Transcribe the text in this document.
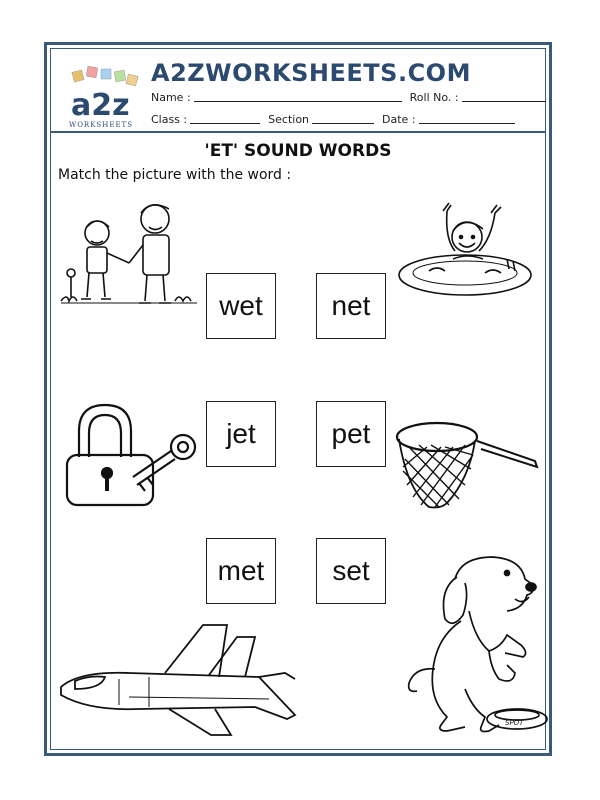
a2z
WORKSHEETS
A2ZWORKSHEETS.COM
Name :	Roll No. :
Class :	Section	Date :
'ET' SOUND WORDS
Match the picture with the word :
SPOT
wet	net
jet	pet
met	set
